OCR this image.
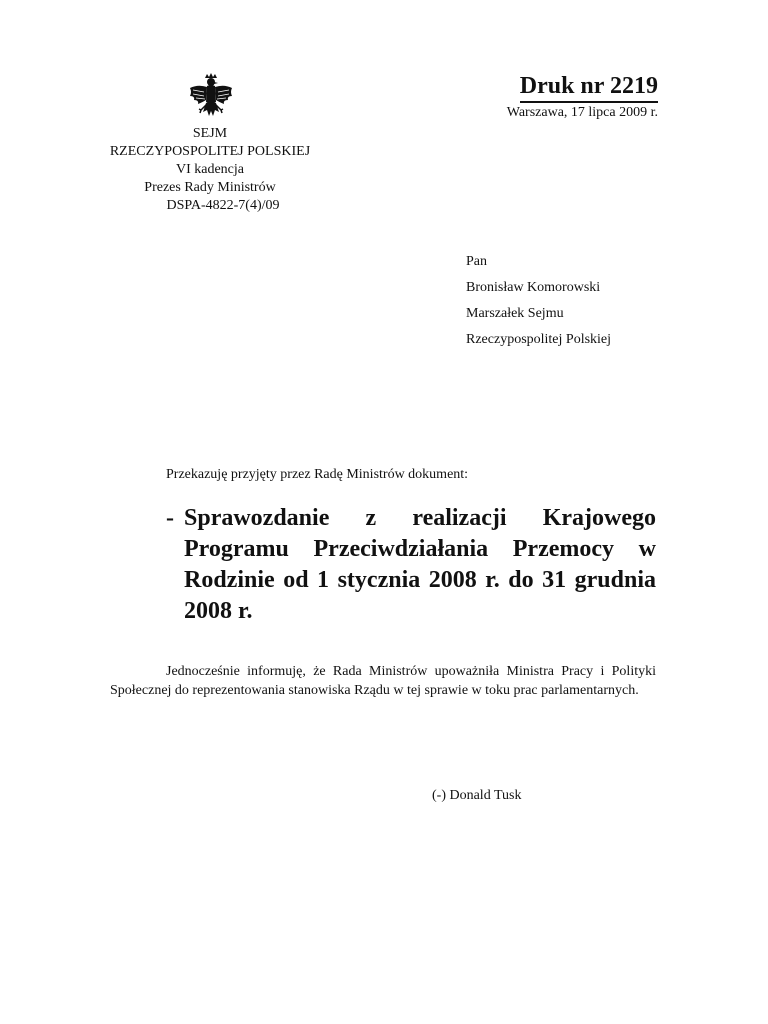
SEJM
RZECZYPOSPOLITEJ POLSKIEJ
VI kadencja
Prezes Rady Ministrów
DSPA-4822-7(4)/09
Druk nr 2219
Warszawa, 17 lipca 2009 r.
Pan
Bronisław Komorowski
Marszałek Sejmu
Rzeczypospolitej Polskiej
Przekazuję przyjęty przez Radę Ministrów dokument:
- Sprawozdanie z realizacji Krajowego Programu Przeciwdziałania Przemocy w Rodzinie od 1 stycznia 2008 r. do 31 grudnia 2008 r.
Jednocześnie informuję, że Rada Ministrów upoważniła Ministra Pracy i Polityki Społecznej do reprezentowania stanowiska Rządu w tej sprawie w toku prac parlamentarnych.
(-) Donald Tusk
